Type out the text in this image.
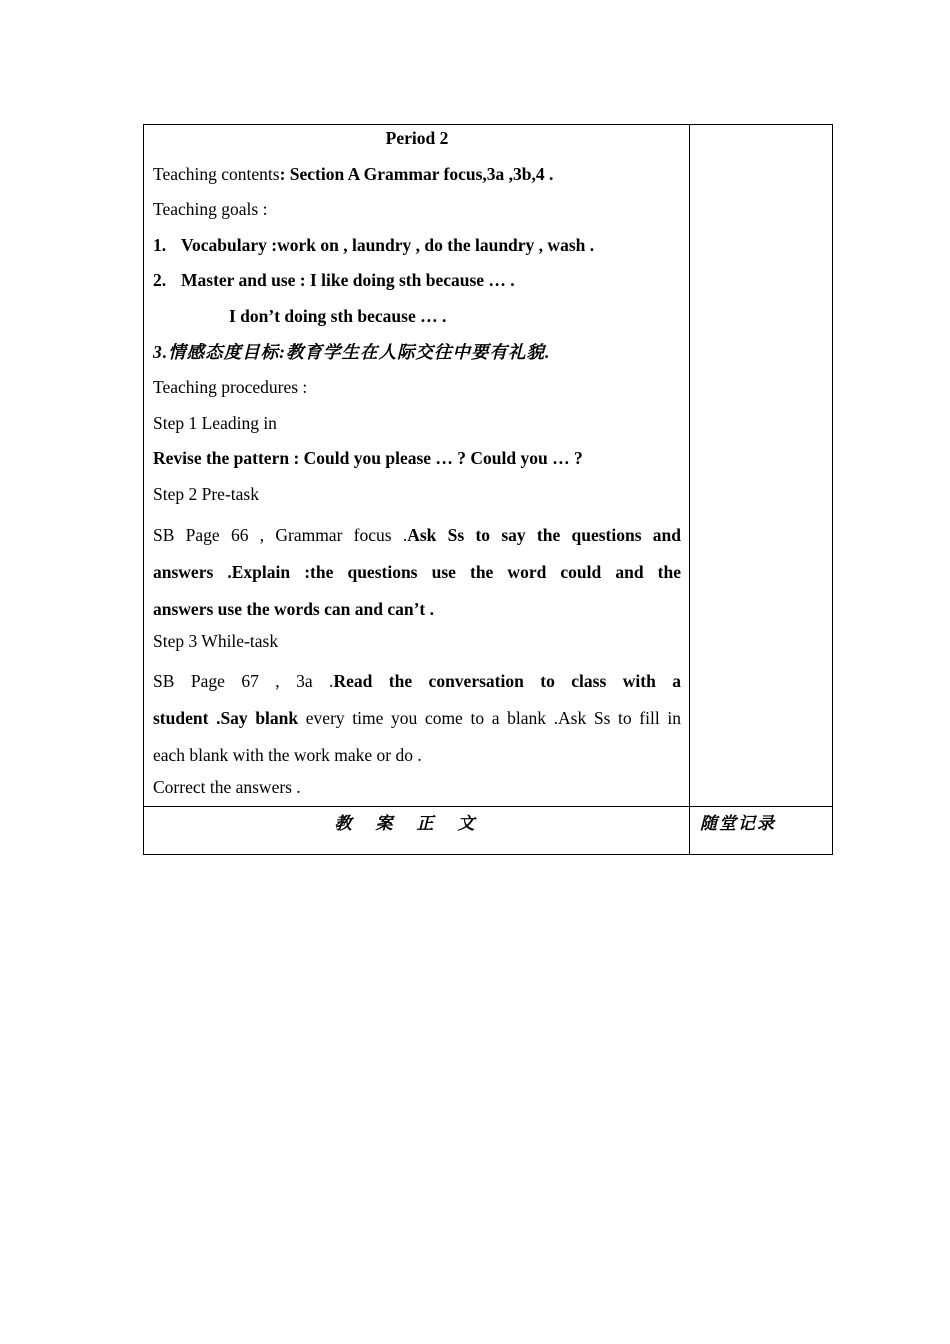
Period 2
Teaching contents: Section A Grammar focus,3a ,3b,4 .
Teaching goals :
1. Vocabulary :work on , laundry , do the laundry , wash .
2. Master and use : I like doing sth because … .
I don’t doing sth because … .
3.情感态度目标:教育学生在人际交往中要有礼貌.
Teaching procedures :
Step 1 Leading in
Revise the pattern : Could you please … ? Could you … ?
Step 2 Pre-task
SB Page 66 , Grammar focus .Ask Ss to say the questions and
answers .Explain :the questions use the word could and the
answers use the words can and can’t .
Step 3 While-task
SB Page 67 , 3a .Read the conversation to class with a
student .Say blank every time you come to a blank .Ask Ss to fill in
each blank with the work make or do .
Correct the answers .
教案正文	随堂记录
